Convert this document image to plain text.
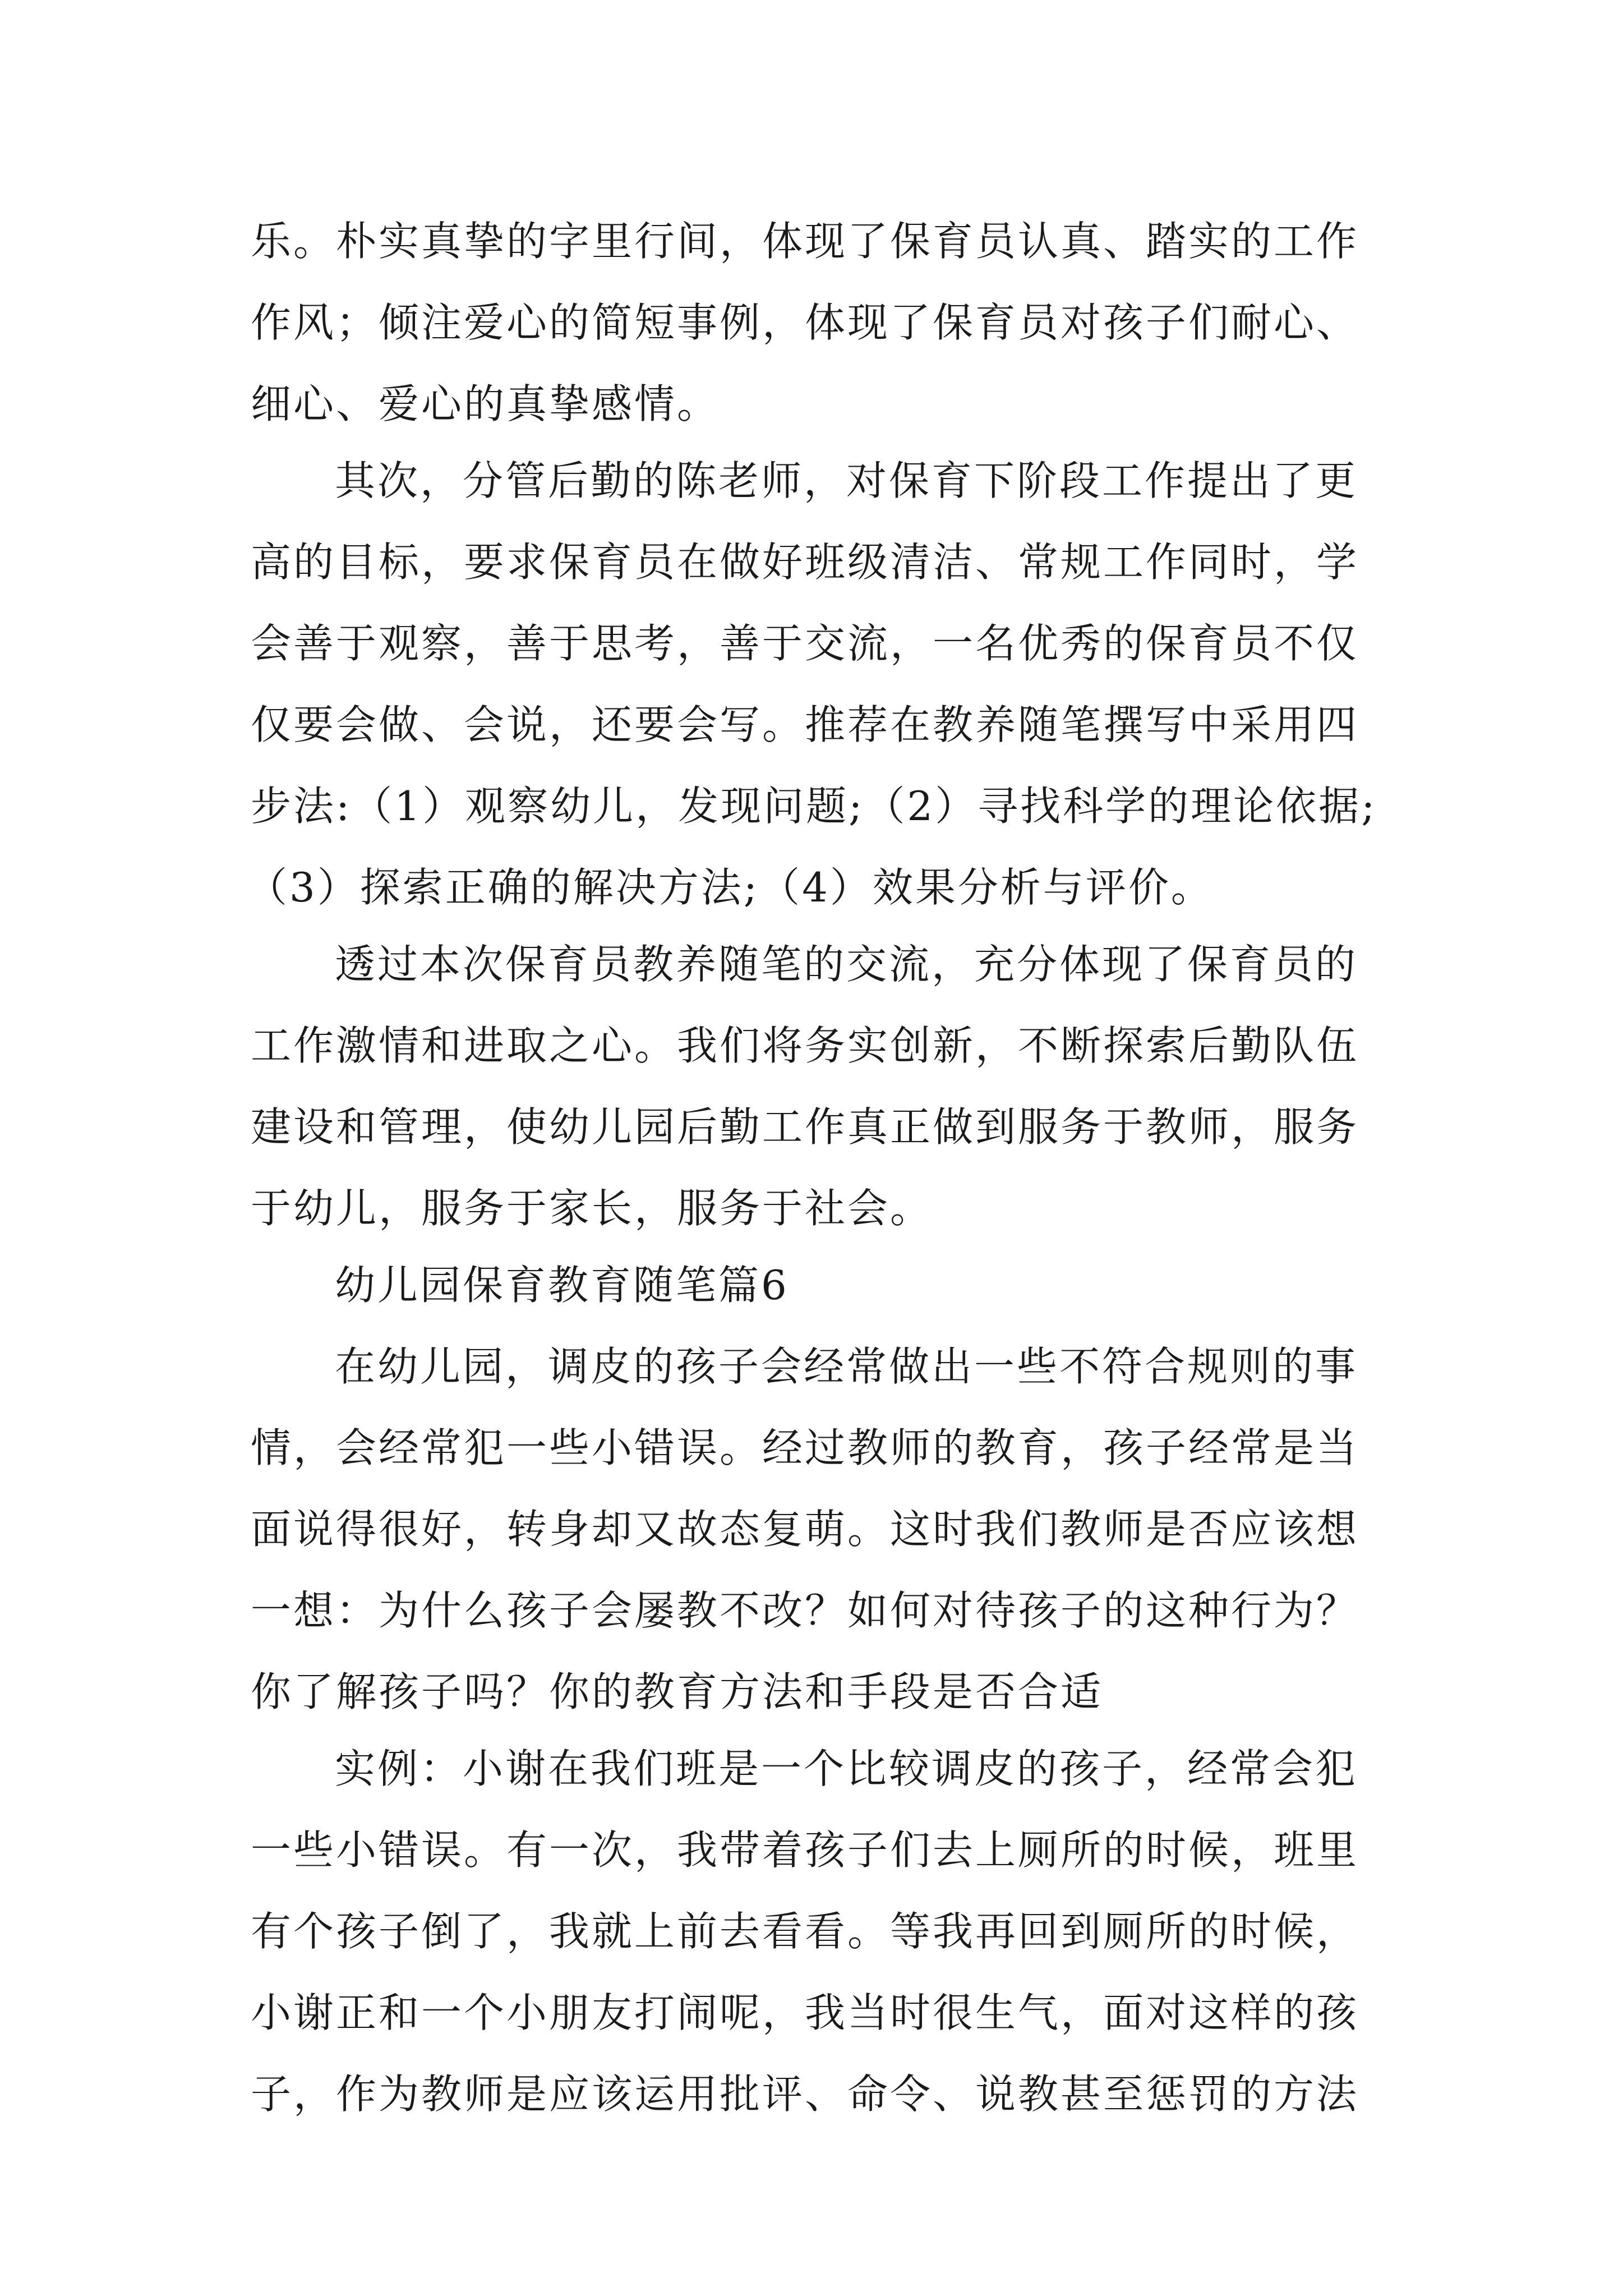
乐。朴实真挚的字里行间，体现了保育员认真、踏实的工作
作风；倾注爱心的简短事例，体现了保育员对孩子们耐心、
细心、爱心的真挚感情。
其次，分管后勤的陈老师，对保育下阶段工作提出了更
高的目标，要求保育员在做好班级清洁、常规工作同时，学
会善于观察，善于思考，善于交流，一名优秀的保育员不仅
仅要会做、会说，还要会写。推荐在教养随笔撰写中采用四
步法:（1）观察幼儿，发现问题;（2）寻找科学的理论依据;
（3）探索正确的解决方法;（4）效果分析与评价。
透过本次保育员教养随笔的交流，充分体现了保育员的
工作激情和进取之心。我们将务实创新，不断探索后勤队伍
建设和管理，使幼儿园后勤工作真正做到服务于教师，服务
于幼儿，服务于家长，服务于社会。
幼儿园保育教育随笔篇6
在幼儿园，调皮的孩子会经常做出一些不符合规则的事
情，会经常犯一些小错误。经过教师的教育，孩子经常是当
面说得很好，转身却又故态复萌。这时我们教师是否应该想
一想：为什么孩子会屡教不改？如何对待孩子的这种行为？
你了解孩子吗？你的教育方法和手段是否合适
实例：小谢在我们班是一个比较调皮的孩子，经常会犯
一些小错误。有一次，我带着孩子们去上厕所的时候，班里
有个孩子倒了，我就上前去看看。等我再回到厕所的时候，
小谢正和一个小朋友打闹呢，我当时很生气，面对这样的孩
子，作为教师是应该运用批评、命令、说教甚至惩罚的方法
